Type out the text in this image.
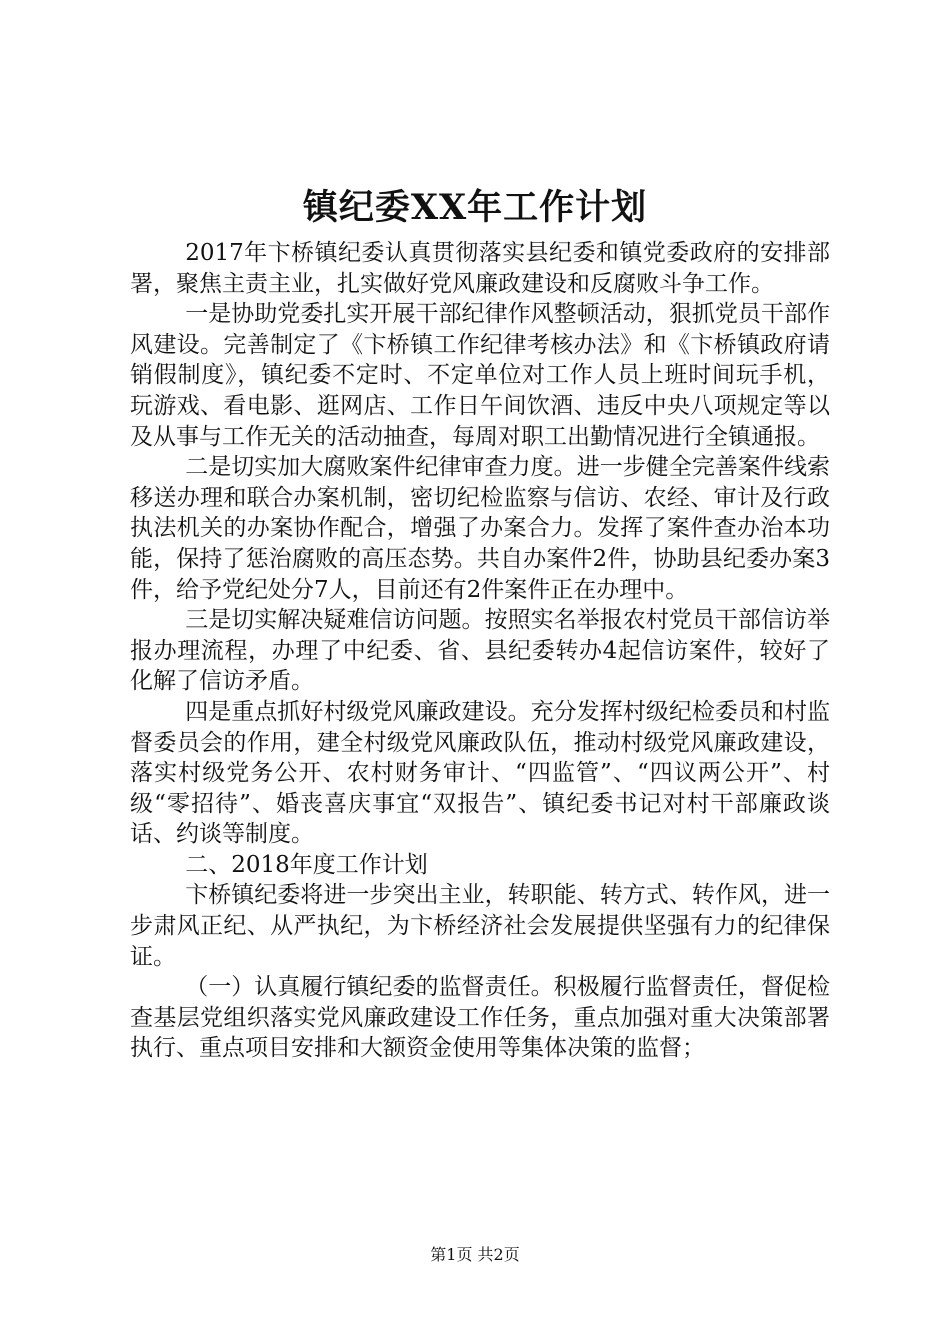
镇纪委XX年工作计划

2017年卞桥镇纪委认真贯彻落实县纪委和镇党委政府的安排部署，聚焦主责主业，扎实做好党风廉政建设和反腐败斗争工作。

一是协助党委扎实开展干部纪律作风整顿活动，狠抓党员干部作风建设。完善制定了《卞桥镇工作纪律考核办法》和《卞桥镇政府请销假制度》，镇纪委不定时、不定单位对工作人员上班时间玩手机，玩游戏、看电影、逛网店、工作日午间饮酒、违反中央八项规定等以及从事与工作无关的活动抽查，每周对职工出勤情况进行全镇通报。

二是切实加大腐败案件纪律审查力度。进一步健全完善案件线索移送办理和联合办案机制，密切纪检监察与信访、农经、审计及行政执法机关的办案协作配合，增强了办案合力。发挥了案件查办治本功能，保持了惩治腐败的高压态势。共自办案件2件，协助县纪委办案3件，给予党纪处分7人，目前还有2件案件正在办理中。

三是切实解决疑难信访问题。按照实名举报农村党员干部信访举报办理流程，办理了中纪委、省、县纪委转办4起信访案件，较好了化解了信访矛盾。

四是重点抓好村级党风廉政建设。充分发挥村级纪检委员和村监督委员会的作用，建全村级党风廉政队伍，推动村级党风廉政建设，落实村级党务公开、农村财务审计、“四监管”、“四议两公开”、村级“零招待”、婚丧喜庆事宜“双报告”、镇纪委书记对村干部廉政谈话、约谈等制度。

二、2018年度工作计划

卞桥镇纪委将进一步突出主业，转职能、转方式、转作风，进一步肃风正纪、从严执纪，为卞桥经济社会发展提供坚强有力的纪律保证。

（一）认真履行镇纪委的监督责任。积极履行监督责任，督促检查基层党组织落实党风廉政建设工作任务，重点加强对重大决策部署执行、重点项目安排和大额资金使用等集体决策的监督；

第1页 共2页
